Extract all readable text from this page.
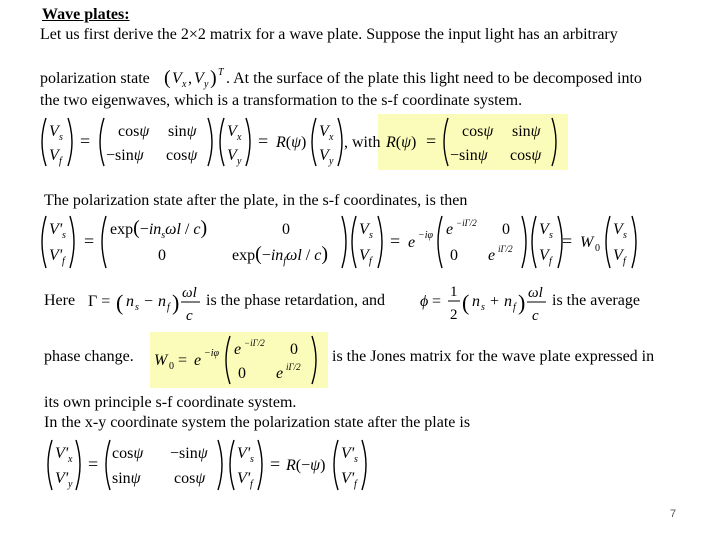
Wave plates:
Let us first derive the 2×2 matrix for a wave plate. Suppose the input light has an arbitrary
polarization state ( V x , V y ) T . At the surface of the plate this light need to be decomposed into
the two eigenwaves, which is a transformation to the s-f coordinate system.
V s
V f
= cosψ sinψ
−sinψ cosψ
V x
V y
= R(ψ)
V x
V y
, with R(ψ) = cosψ sinψ
−sinψ cosψ
The polarization state after the plate, in the s-f coordinates, is then
V' s
V' f
=
$\exp(-in_s\omega l / c)$	0
0	$\exp(-in_f\omega l / c)$
V s
V f
= e −iφ e −iΓ/2 0
0 e iΓ/2
V s
V f
= W 0
V s
V f
Here Γ = ( n s − n f ) ωl
c
is the phase retardation, and ϕ =
1
2 ( n s + n f ) ωl
c
is the average
phase change. W 0 = e −iφ e −iΓ/2 0
0 e iΓ/2
is the Jones matrix for the wave plate expressed in
its own principle s-f coordinate system.
In the x-y coordinate system the polarization state after the plate is
V' x
V' y
=
cosψ −sinψ
sinψ cosψ
V' s
V' f
= R(−ψ)
V' s
V' f
7
